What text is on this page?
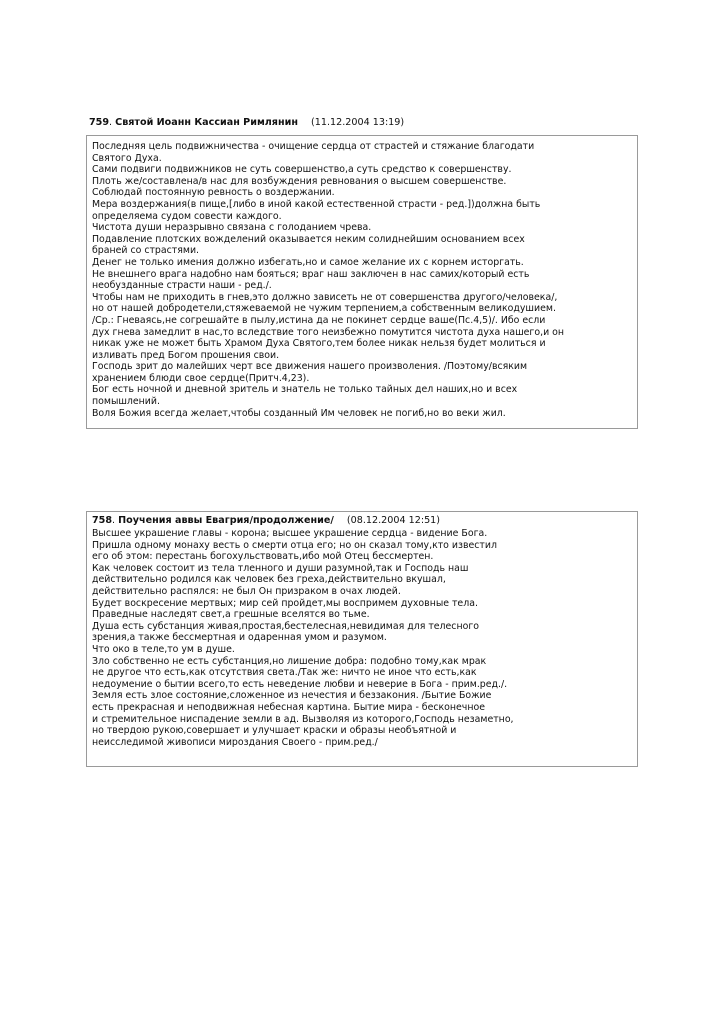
759. Святой Иоанн Кассиан Римлянин (11.12.2004 13:19)
Последняя цель подвижничества - очищение сердца от страстей и стяжание благодати
Святого Духа.
Сами подвиги подвижников не суть совершенство,а суть средство к совершенству.
Плоть же/составлена/в нас для возбуждения ревнования о высшем совершенстве.
Соблюдай постоянную ревность о воздержании.
Мера воздержания(в пище,[либо в иной какой естественной страсти - ред.])должна быть
определяема судом совести каждого.
Чистота души неразрывно связана с голоданием чрева.
Подавление плотских вожделений оказывается неким солиднейшим основанием всех
браней со страстями.
Денег не только имения должно избегать,но и самое желание их с корнем исторгать.
Не внешнего врага надобно нам бояться; враг наш заключен в нас самих/который есть
необузданные страсти наши - ред./.
Чтобы нам не приходить в гнев,это должно зависеть не от совершенства другого/человека/,
но от нашей добродетели,стяжеваемой не чужим терпением,а собственным великодушием.
/Ср.: Гневаясь,не согрешайте в пылу,истина да не покинет сердце ваше(Пс.4,5)/. Ибо если
дух гнева замедлит в нас,то вследствие того неизбежно помутится чистота духа нашего,и он
никак уже не может быть Храмом Духа Святого,тем более никак нельзя будет молиться и
изливать пред Богом прошения свои.
Господь зрит до малейших черт все движения нашего произволения. /Поэтому/всяким
хранением блюди свое сердце(Притч.4,23).
Бог есть ночной и дневной зритель и знатель не только тайных дел наших,но и всех
помышлений.
Воля Божия всегда желает,чтобы созданный Им человек не погиб,но во веки жил.
758. Поучения аввы Евагрия/продолжение/ (08.12.2004 12:51)
Высшее украшение главы - корона; высшее украшение сердца - видение Бога.
Пришла одному монаху весть о смерти отца его; но он сказал тому,кто известил
его об этом: перестань богохульствовать,ибо мой Отец бессмертен.
Как человек состоит из тела тленного и души разумной,так и Господь наш
действительно родился как человек без греха,действительно вкушал,
действительно распялся: не был Он призраком в очах людей.
Будет воскресение мертвых; мир сей пройдет,мы воспримем духовные тела.
Праведные наследят свет,а грешные вселятся во тьме.
Душа есть субстанция живая,простая,бестелесная,невидимая для телесного
зрения,а также бессмертная и одаренная умом и разумом.
Что око в теле,то ум в душе.
Зло собственно не есть субстанция,но лишение добра: подобно тому,как мрак
не другое что есть,как отсутствия света./Так же: ничто не иное что есть,как
недоумение о бытии всего,то есть неведение любви и неверие в Бога - прим.ред./.
Земля есть злое состояние,сложенное из нечестия и беззакония. /Бытие Божие
есть прекрасная и неподвижная небесная картина. Бытие мира - бесконечное
и стремительное ниспадение земли в ад. Вызволяя из которого,Господь незаметно,
но твердою рукою,совершает и улучшает краски и образы необъятной и
неисследимой живописи мироздания Своего - прим.ред./
